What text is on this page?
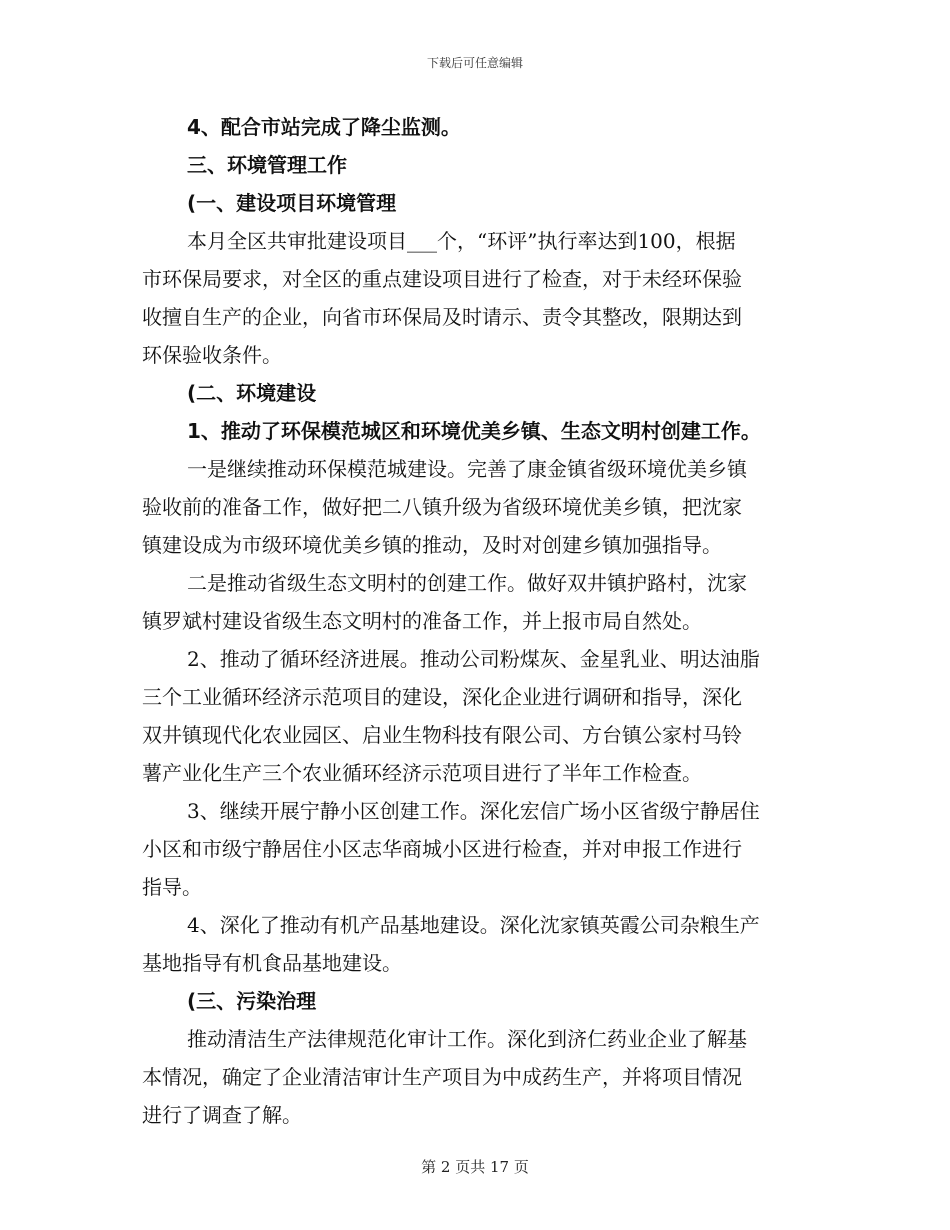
下载后可任意编辑
4、配合市站完成了降尘监测。
三、环境管理工作
(一、建设项目环境管理
本月全区共审批建设项目___个，“环评”执行率达到100，根据
市环保局要求，对全区的重点建设项目进行了检查，对于未经环保验
收擅自生产的企业，向省市环保局及时请示、责令其整改，限期达到
环保验收条件。
(二、环境建设
1、推动了环保模范城区和环境优美乡镇、生态文明村创建工作。
一是继续推动环保模范城建设。完善了康金镇省级环境优美乡镇
验收前的准备工作，做好把二八镇升级为省级环境优美乡镇，把沈家
镇建设成为市级环境优美乡镇的推动，及时对创建乡镇加强指导。
二是推动省级生态文明村的创建工作。做好双井镇护路村，沈家
镇罗斌村建设省级生态文明村的准备工作，并上报市局自然处。
2、推动了循环经济进展。推动公司粉煤灰、金星乳业、明达油脂
三个工业循环经济示范项目的建设，深化企业进行调研和指导，深化
双井镇现代化农业园区、启业生物科技有限公司、方台镇公家村马铃
薯产业化生产三个农业循环经济示范项目进行了半年工作检查。
3、继续开展宁静小区创建工作。深化宏信广场小区省级宁静居住
小区和市级宁静居住小区志华商城小区进行检查，并对申报工作进行
指导。
4、深化了推动有机产品基地建设。深化沈家镇英霞公司杂粮生产
基地指导有机食品基地建设。
(三、污染治理
推动清洁生产法律规范化审计工作。深化到济仁药业企业了解基
本情况，确定了企业清洁审计生产项目为中成药生产，并将项目情况
进行了调查了解。
第 2 页共 17 页
